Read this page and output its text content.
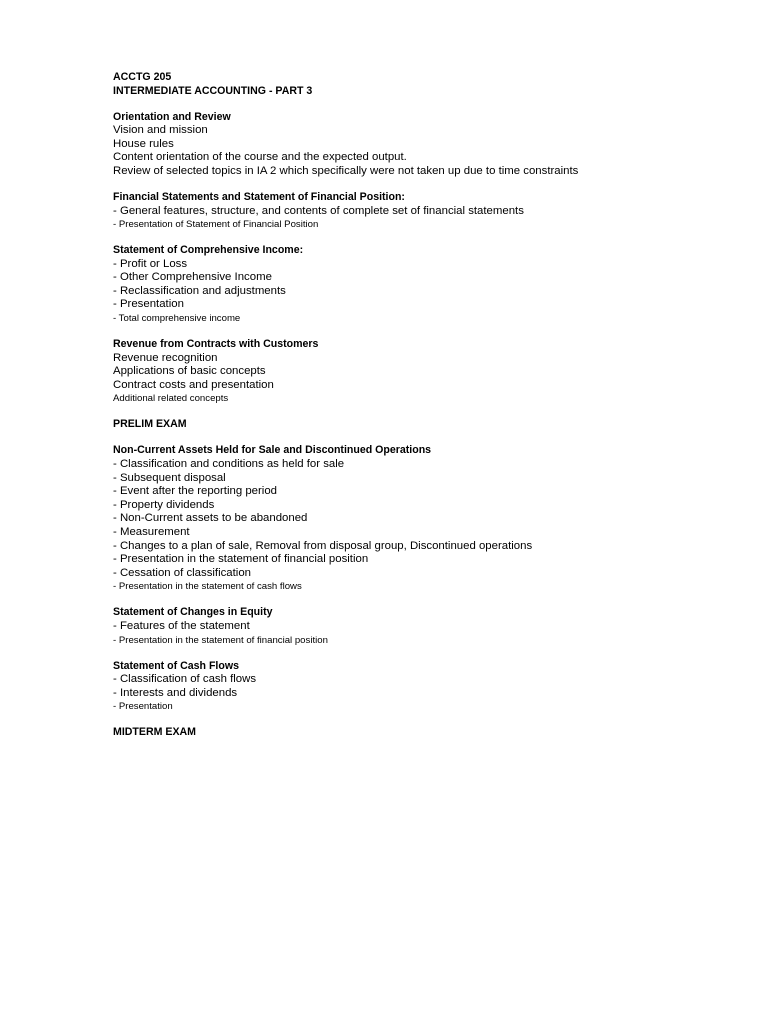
ACCTG 205
INTERMEDIATE ACCOUNTING - PART 3
Orientation and Review
Vision and mission
House rules
Content orientation of the course and the expected output.
Review of selected topics in IA 2 which specifically were not taken up due to time constraints
Financial Statements and Statement of Financial Position:
- General features, structure, and contents of complete set of financial statements
- Presentation of Statement of Financial Position
Statement of Comprehensive Income:
- Profit or Loss
- Other Comprehensive Income
- Reclassification and adjustments
- Presentation
- Total comprehensive income
Revenue from Contracts with Customers
Revenue recognition
Applications of basic concepts
Contract costs and presentation
Additional related concepts
PRELIM EXAM
Non-Current Assets Held for Sale and Discontinued Operations
- Classification and conditions as held for sale
- Subsequent disposal
- Event after the reporting period
- Property dividends
- Non-Current assets to be abandoned
- Measurement
- Changes to a plan of sale, Removal from disposal group, Discontinued operations
- Presentation in the statement of financial position
- Cessation of classification
- Presentation in the statement of cash flows
Statement of Changes in Equity
- Features of the statement
- Presentation in the statement of financial position
Statement of Cash Flows
- Classification of cash flows
- Interests and dividends
- Presentation
MIDTERM EXAM
